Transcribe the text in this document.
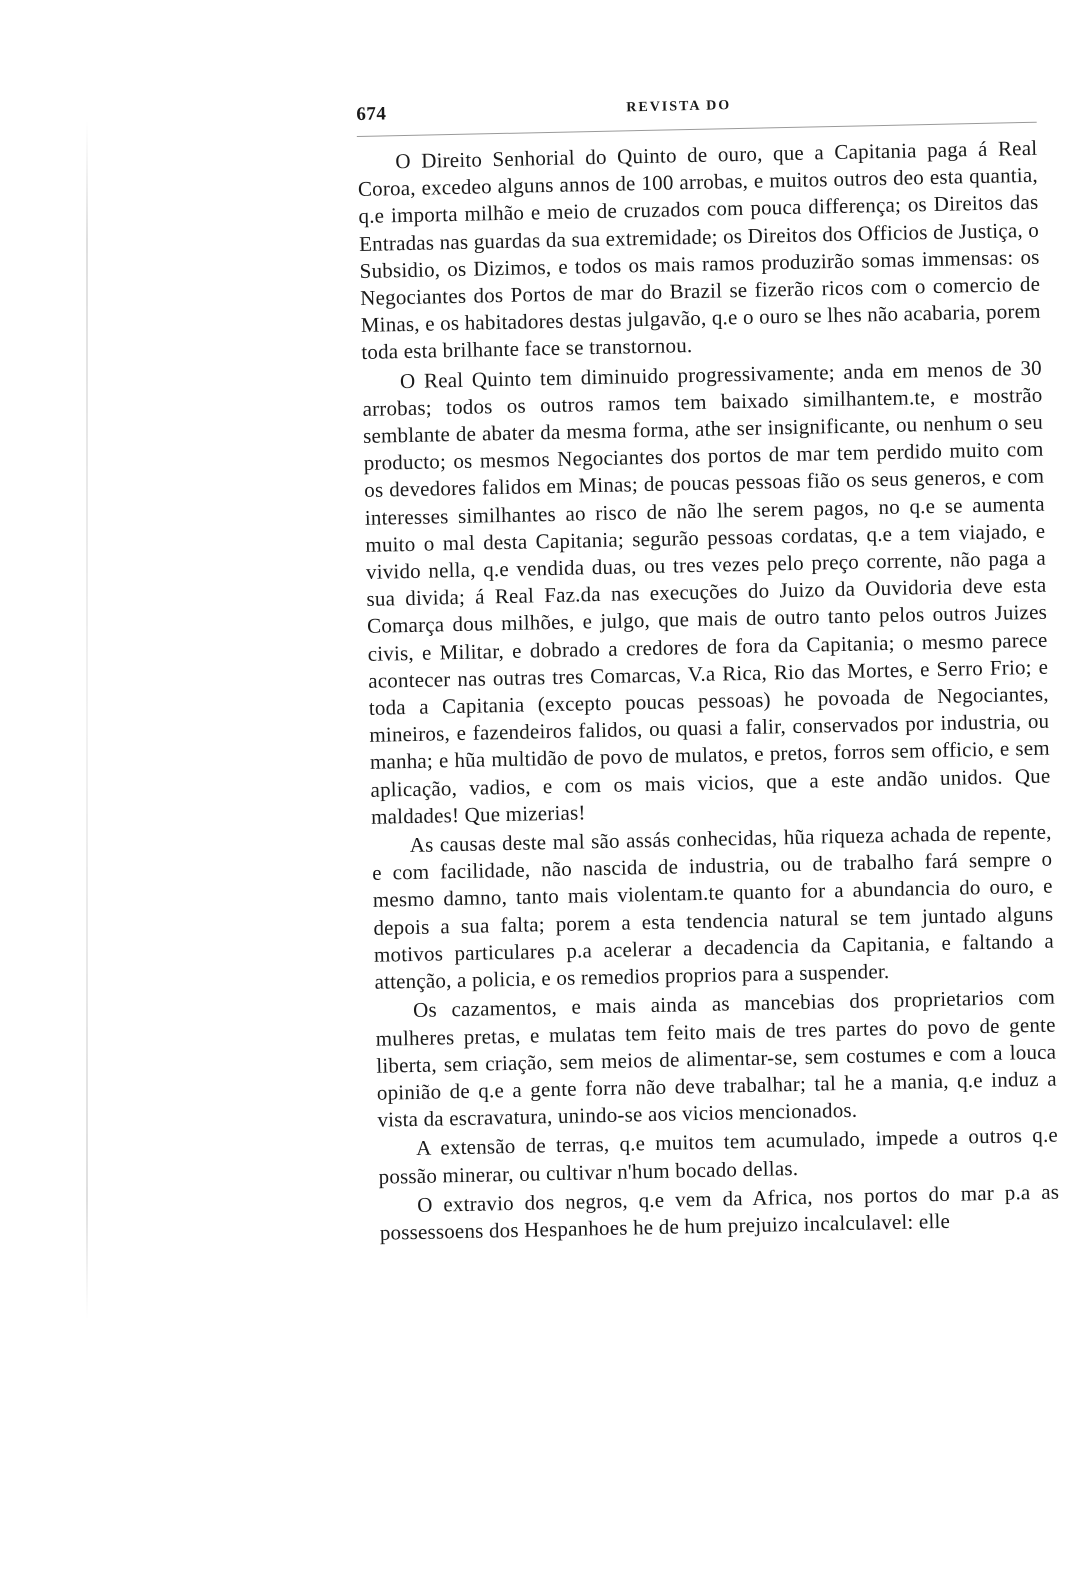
674	REVISTA DO

O Direito Senhorial do Quinto de ouro, que a Capitania paga á Real Coroa, excedeo alguns annos de 100 arrobas, e muitos outros deo esta quantia, q.e importa milhão e meio de cruzados com pouca differença; os Direitos das Entradas nas guardas da sua extremidade; os Direitos dos Officios de Justiça, o Subsidio, os Dizimos, e todos os mais ramos produzirão somas immensas: os Negociantes dos Portos de mar do Brazil se fizerão ricos com o comercio de Minas, e os habitadores destas julgavão, q.e o ouro se lhes não acabaria, porem toda esta brilhante face se transtornou.

O Real Quinto tem diminuido progressivamente; anda em menos de 30 arrobas; todos os outros ramos tem baixado similhantem.te, e mostrão semblante de abater da mesma forma, athe ser insignificante, ou nenhum o seu producto; os mesmos Negociantes dos portos de mar tem perdido muito com os devedores falidos em Minas; de poucas pessoas fião os seus generos, e com interesses similhantes ao risco de não lhe serem pagos, no q.e se aumenta muito o mal desta Capitania; segurão pessoas cordatas, q.e a tem viajado, e vivido nella, q.e vendida duas, ou tres vezes pelo preço corrente, não paga a sua divida; á Real Faz.da nas execuções do Juizo da Ouvidoria deve esta Comarça dous milhões, e julgo, que mais de outro tanto pelos outros Juizes civis, e Militar, e dobrado a credores de fora da Capitania; o mesmo parece acontecer nas outras tres Comarcas, V.a Rica, Rio das Mortes, e Serro Frio; e toda a Capitania (excepto poucas pessoas) he povoada de Negociantes, mineiros, e fazendeiros falidos, ou quasi a falir, conservados por industria, ou manha; e hũa multidão de povo de mulatos, e pretos, forros sem officio, e sem aplicação, vadios, e com os mais vicios, que a este andão unidos. Que maldades! Que mizerias!

As causas deste mal são assás conhecidas, hũa riqueza achada de repente, e com facilidade, não nascida de industria, ou de trabalho fará sempre o mesmo damno, tanto mais violentam.te quanto for a abundancia do ouro, e depois a sua falta; porem a esta tendencia natural se tem juntado alguns motivos particulares p.a acelerar a decadencia da Capitania, e faltando a attenção, a policia, e os remedios proprios para a suspender.

Os cazamentos, e mais ainda as mancebias dos proprietarios com mulheres pretas, e mulatas tem feito mais de tres partes do povo de gente liberta, sem criação, sem meios de alimentar-se, sem costumes e com a louca opinião de q.e a gente forra não deve trabalhar; tal he a mania, q.e induz a vista da escravatura, unindo-se aos vicios mencionados.

A extensão de terras, q.e muitos tem acumulado, impede a outros q.e possão minerar, ou cultivar n'hum bocado dellas.

O extravio dos negros, q.e vem da Africa, nos portos do mar p.a as possessoens dos Hespanhoes he de hum prejuizo incalculavel: elle
